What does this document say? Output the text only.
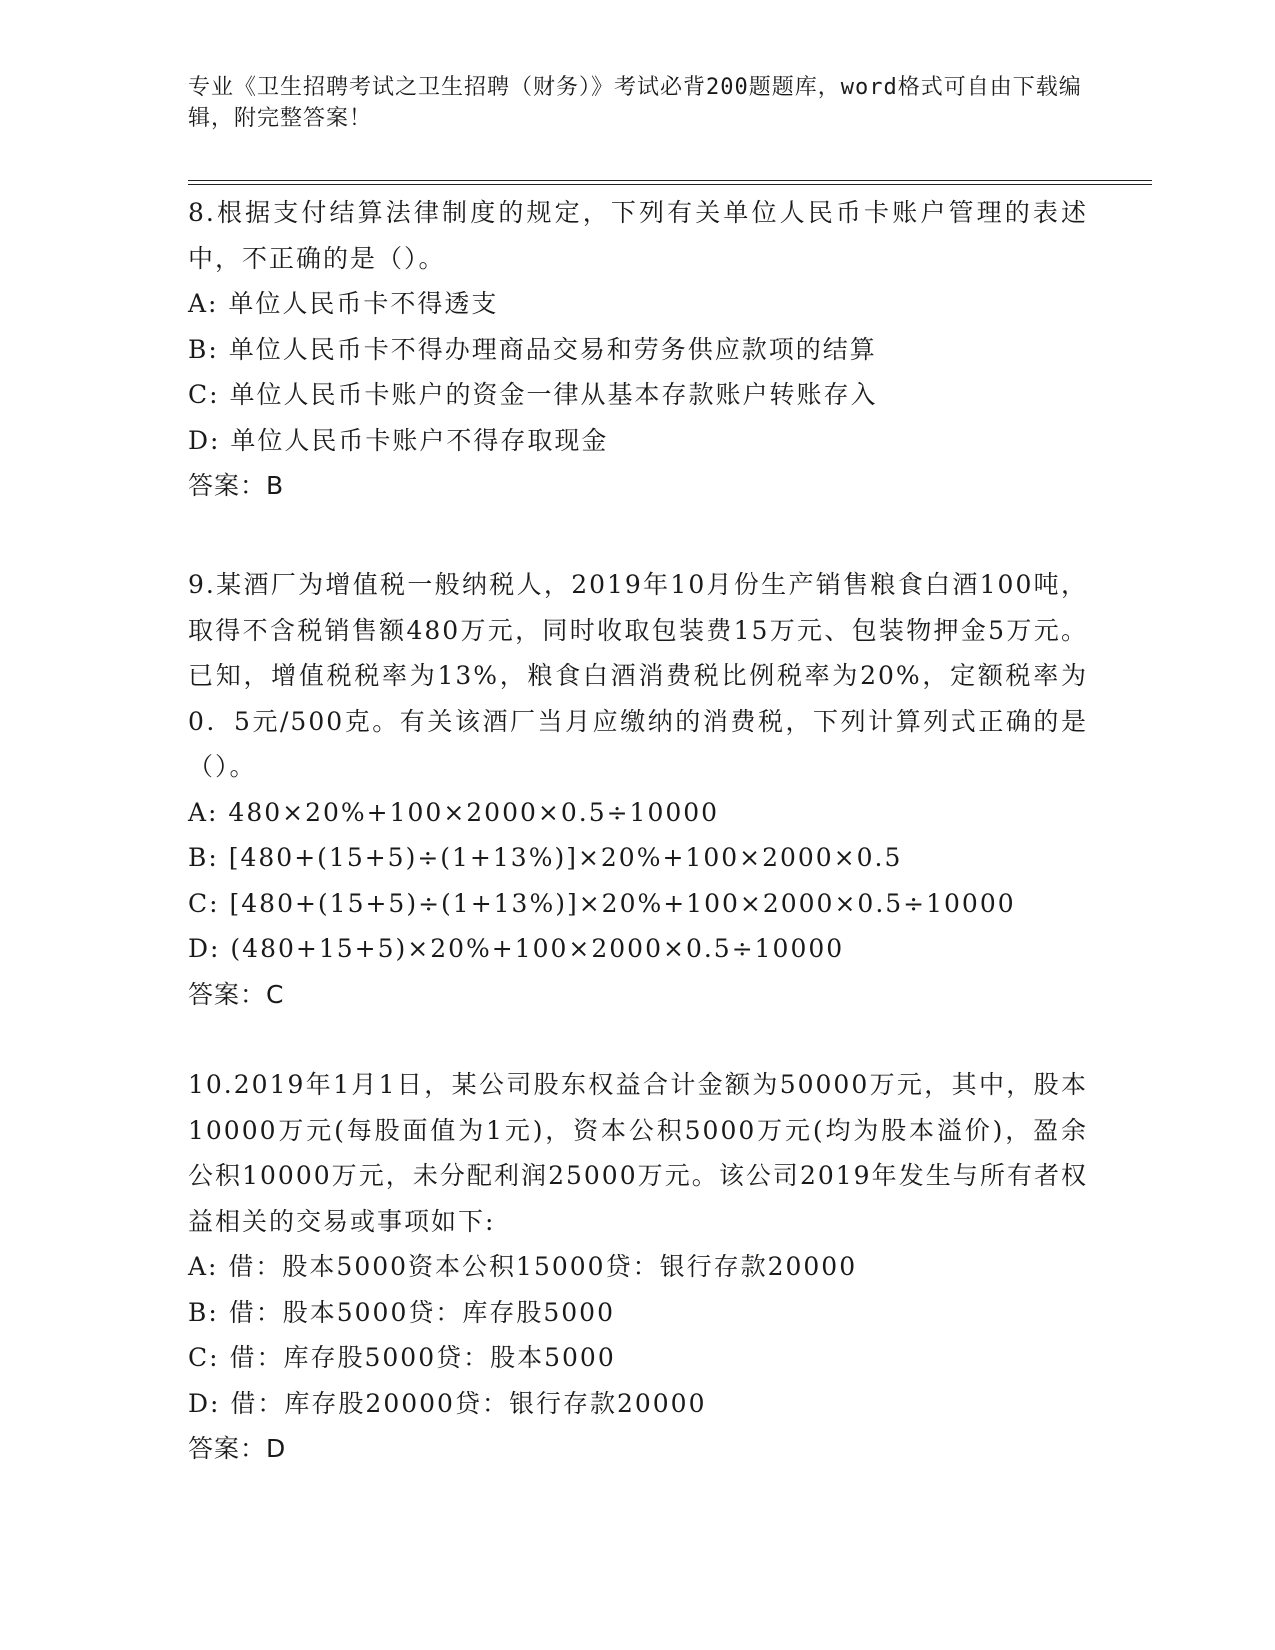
专业《卫生招聘考试之卫生招聘（财务）》考试必背200题题库，word格式可自由下载编辑，附完整答案！

8.根据支付结算法律制度的规定，下列有关单位人民币卡账户管理的表述中，不正确的是（）。

A: 单位人民币卡不得透支
B: 单位人民币卡不得办理商品交易和劳务供应款项的结算
C: 单位人民币卡账户的资金一律从基本存款账户转账存入
D: 单位人民币卡账户不得存取现金
答案：B

9.某酒厂为增值税一般纳税人，2019年10月份生产销售粮食白酒100吨，取得不含税销售额480万元，同时收取包装费15万元、包装物押金5万元。已知，增值税税率为13%，粮食白酒消费税比例税率为20%，定额税率为0．5元/500克。有关该酒厂当月应缴纳的消费税，下列计算列式正确的是（）。

A: 480×20%+100×2000×0.5÷10000
B: [480+(15+5)÷(1+13%)]×20%+100×2000×0.5
C: [480+(15+5)÷(1+13%)]×20%+100×2000×0.5÷10000
D: (480+15+5)×20%+100×2000×0.5÷10000
答案：C

10.2019年1月1日，某公司股东权益合计金额为50000万元，其中，股本10000万元(每股面值为1元)，资本公积5000万元(均为股本溢价)，盈余公积10000万元，未分配利润25000万元。该公司2019年发生与所有者权益相关的交易或事项如下:

A: 借：股本5000资本公积15000贷：银行存款20000
B: 借：股本5000贷：库存股5000
C: 借：库存股5000贷：股本5000
D: 借：库存股20000贷：银行存款20000
答案：D
